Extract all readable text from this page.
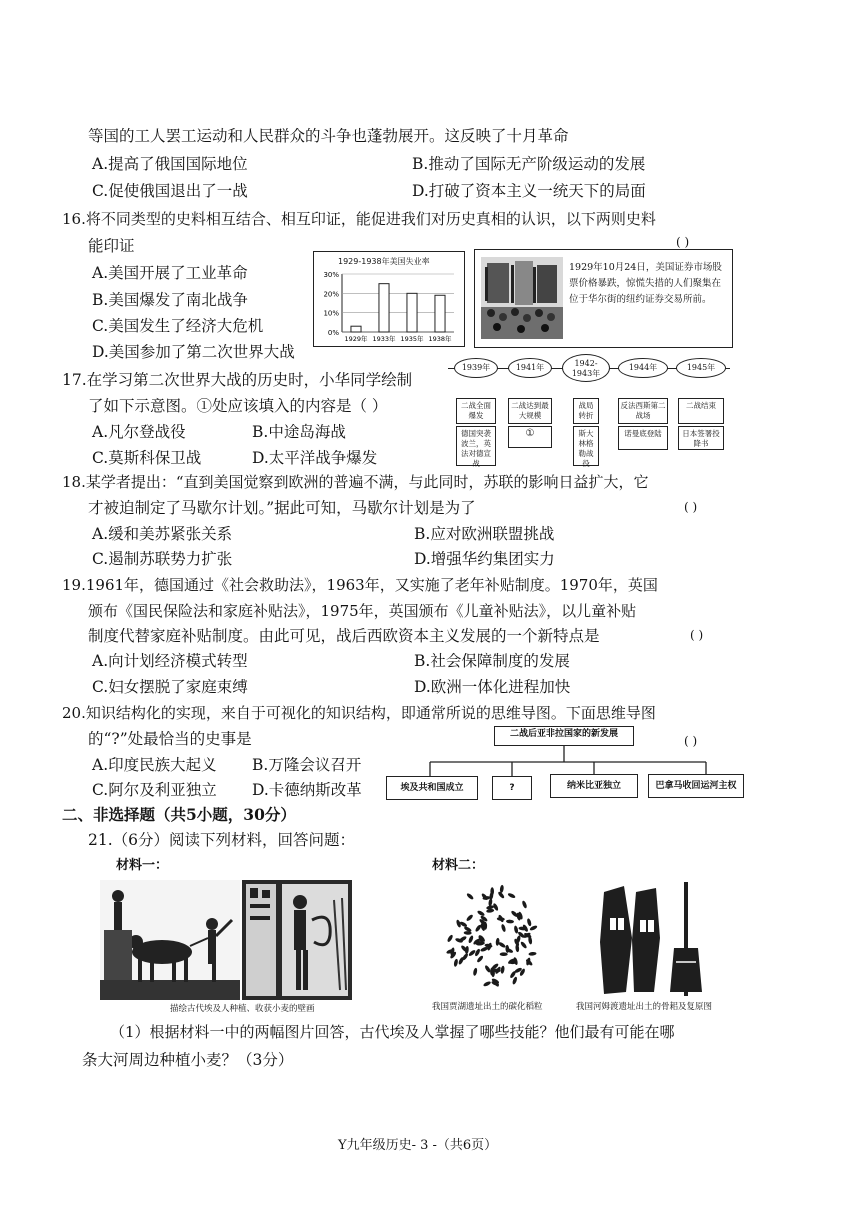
等国的工人罢工运动和人民群众的斗争也蓬勃展开。这反映了十月革命
A.提高了俄国国际地位	B.推动了国际无产阶级运动的发展
C.促使俄国退出了一战	D.打破了资本主义一统天下的局面
16.将不同类型的史料相互结合、相互印证，能促进我们对历史真相的认识，以下两则史料
能印证	( )
A.美国开展了工业革命
B.美国爆发了南北战争
C.美国发生了经济大危机
D.美国参加了第二次世界大战
1929-1938年美国失业率
0%
10%
20%
30%
1929年 1933年 1935年 1938年
1929年10月24日，美国证券市场股票价格暴跌，惊慌失措的人们聚集在位于华尔街的纽约证券交易所前。
17.在学习第二次世界大战的历史时，小华同学绘制
了如下示意图。①处应该填入的内容是（ ）
A.凡尔登战役	B.中途岛海战
C.莫斯科保卫战	D.太平洋战争爆发
1939年	1941年	1942-1943年
1944年	1945年
二战全面爆发
二战达到最大规模
战局转折
反法西斯第二战场
二战结束
德国突袭波兰，英法对德宣战
①	斯大林格勒战役
诺曼底登陆	日本签署投降书
18.某学者提出：“直到美国觉察到欧洲的普遍不满，与此同时，苏联的影响日益扩大，它
才被迫制定了马歇尔计划。”据此可知，马歇尔计划是为了	( )
A.缓和美苏紧张关系	B.应对欧洲联盟挑战
C.遏制苏联势力扩张	D.增强华约集团实力
19.1961年，德国通过《社会救助法》，1963年，又实施了老年补贴制度。1970年，英国
颁布《国民保险法和家庭补贴法》，1975年，英国颁布《儿童补贴法》，以儿童补贴
制度代替家庭补贴制度。由此可见，战后西欧资本主义发展的一个新特点是	( )
A.向计划经济模式转型	B.社会保障制度的发展
C.妇女摆脱了家庭束缚	D.欧洲一体化进程加快
20.知识结构化的实现，来自于可视化的知识结构，即通常所说的思维导图。下面思维导图
的“?”处最恰当的史事是	( )
A.印度民族大起义 B.万隆会议召开
C.阿尔及利亚独立 D.卡德纳斯改革
二战后亚非拉国家的新发展
埃及共和国成立	?	纳米比亚独立	巴拿马收回运河主权
二、非选择题（共5小题，30分）
21.（6分）阅读下列材料，回答问题：
材料一：	材料二：
描绘古代埃及人种植、收获小麦的壁画	我国贾湖遗址出土的碳化稻粒	我国河姆渡遗址出土的骨耜及复原图
（1）根据材料一中的两幅图片回答，古代埃及人掌握了哪些技能？他们最有可能在哪
条大河周边种植小麦？（3分）
Y九年级历史- 3 -（共6页）
